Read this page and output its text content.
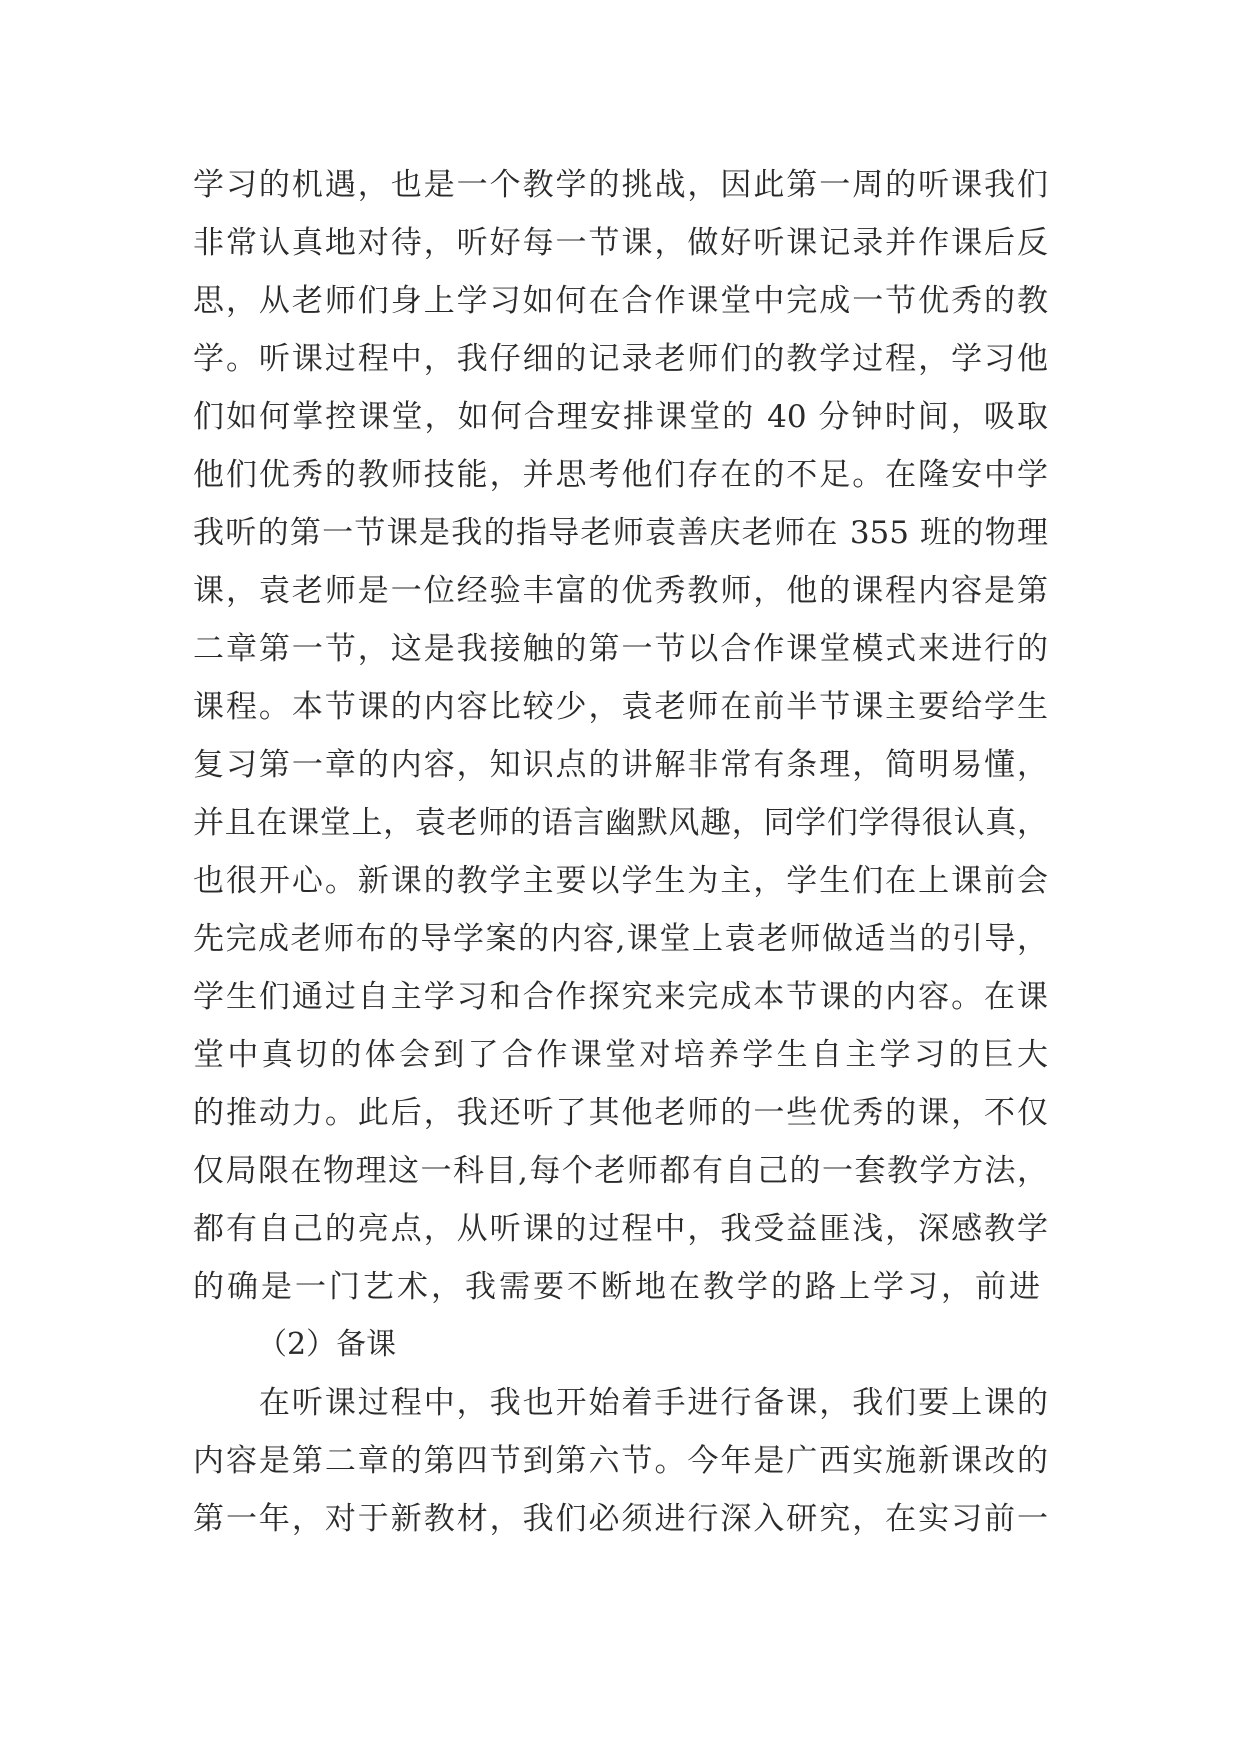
学习的机遇，也是一个教学的挑战，因此第一周的听课我们
非常认真地对待，听好每一节课，做好听课记录并作课后反
思，从老师们身上学习如何在合作课堂中完成一节优秀的教
学。听课过程中，我仔细的记录老师们的教学过程，学习他
们如何掌控课堂，如何合理安排课堂的 40 分钟时间，吸取
他们优秀的教师技能，并思考他们存在的不足。在隆安中学
我听的第一节课是我的指导老师袁善庆老师在 355 班的物理
课，袁老师是一位经验丰富的优秀教师，他的课程内容是第
二章第一节，这是我接触的第一节以合作课堂模式来进行的
课程。本节课的内容比较少，袁老师在前半节课主要给学生
复习第一章的内容，知识点的讲解非常有条理，简明易懂，
并且在课堂上，袁老师的语言幽默风趣，同学们学得很认真，
也很开心。新课的教学主要以学生为主，学生们在上课前会
先完成老师布的导学案的内容,课堂上袁老师做适当的引导，
学生们通过自主学习和合作探究来完成本节课的内容。在课
堂中真切的体会到了合作课堂对培养学生自主学习的巨大
的推动力。此后，我还听了其他老师的一些优秀的课，不仅
仅局限在物理这一科目,每个老师都有自己的一套教学方法，
都有自己的亮点，从听课的过程中，我受益匪浅，深感教学
的确是一门艺术，我需要不断地在教学的路上学习，前进
（2）备课
　　在听课过程中，我也开始着手进行备课，我们要上课的
内容是第二章的第四节到第六节。今年是广西实施新课改的
第一年，对于新教材，我们必须进行深入研究，在实习前一
